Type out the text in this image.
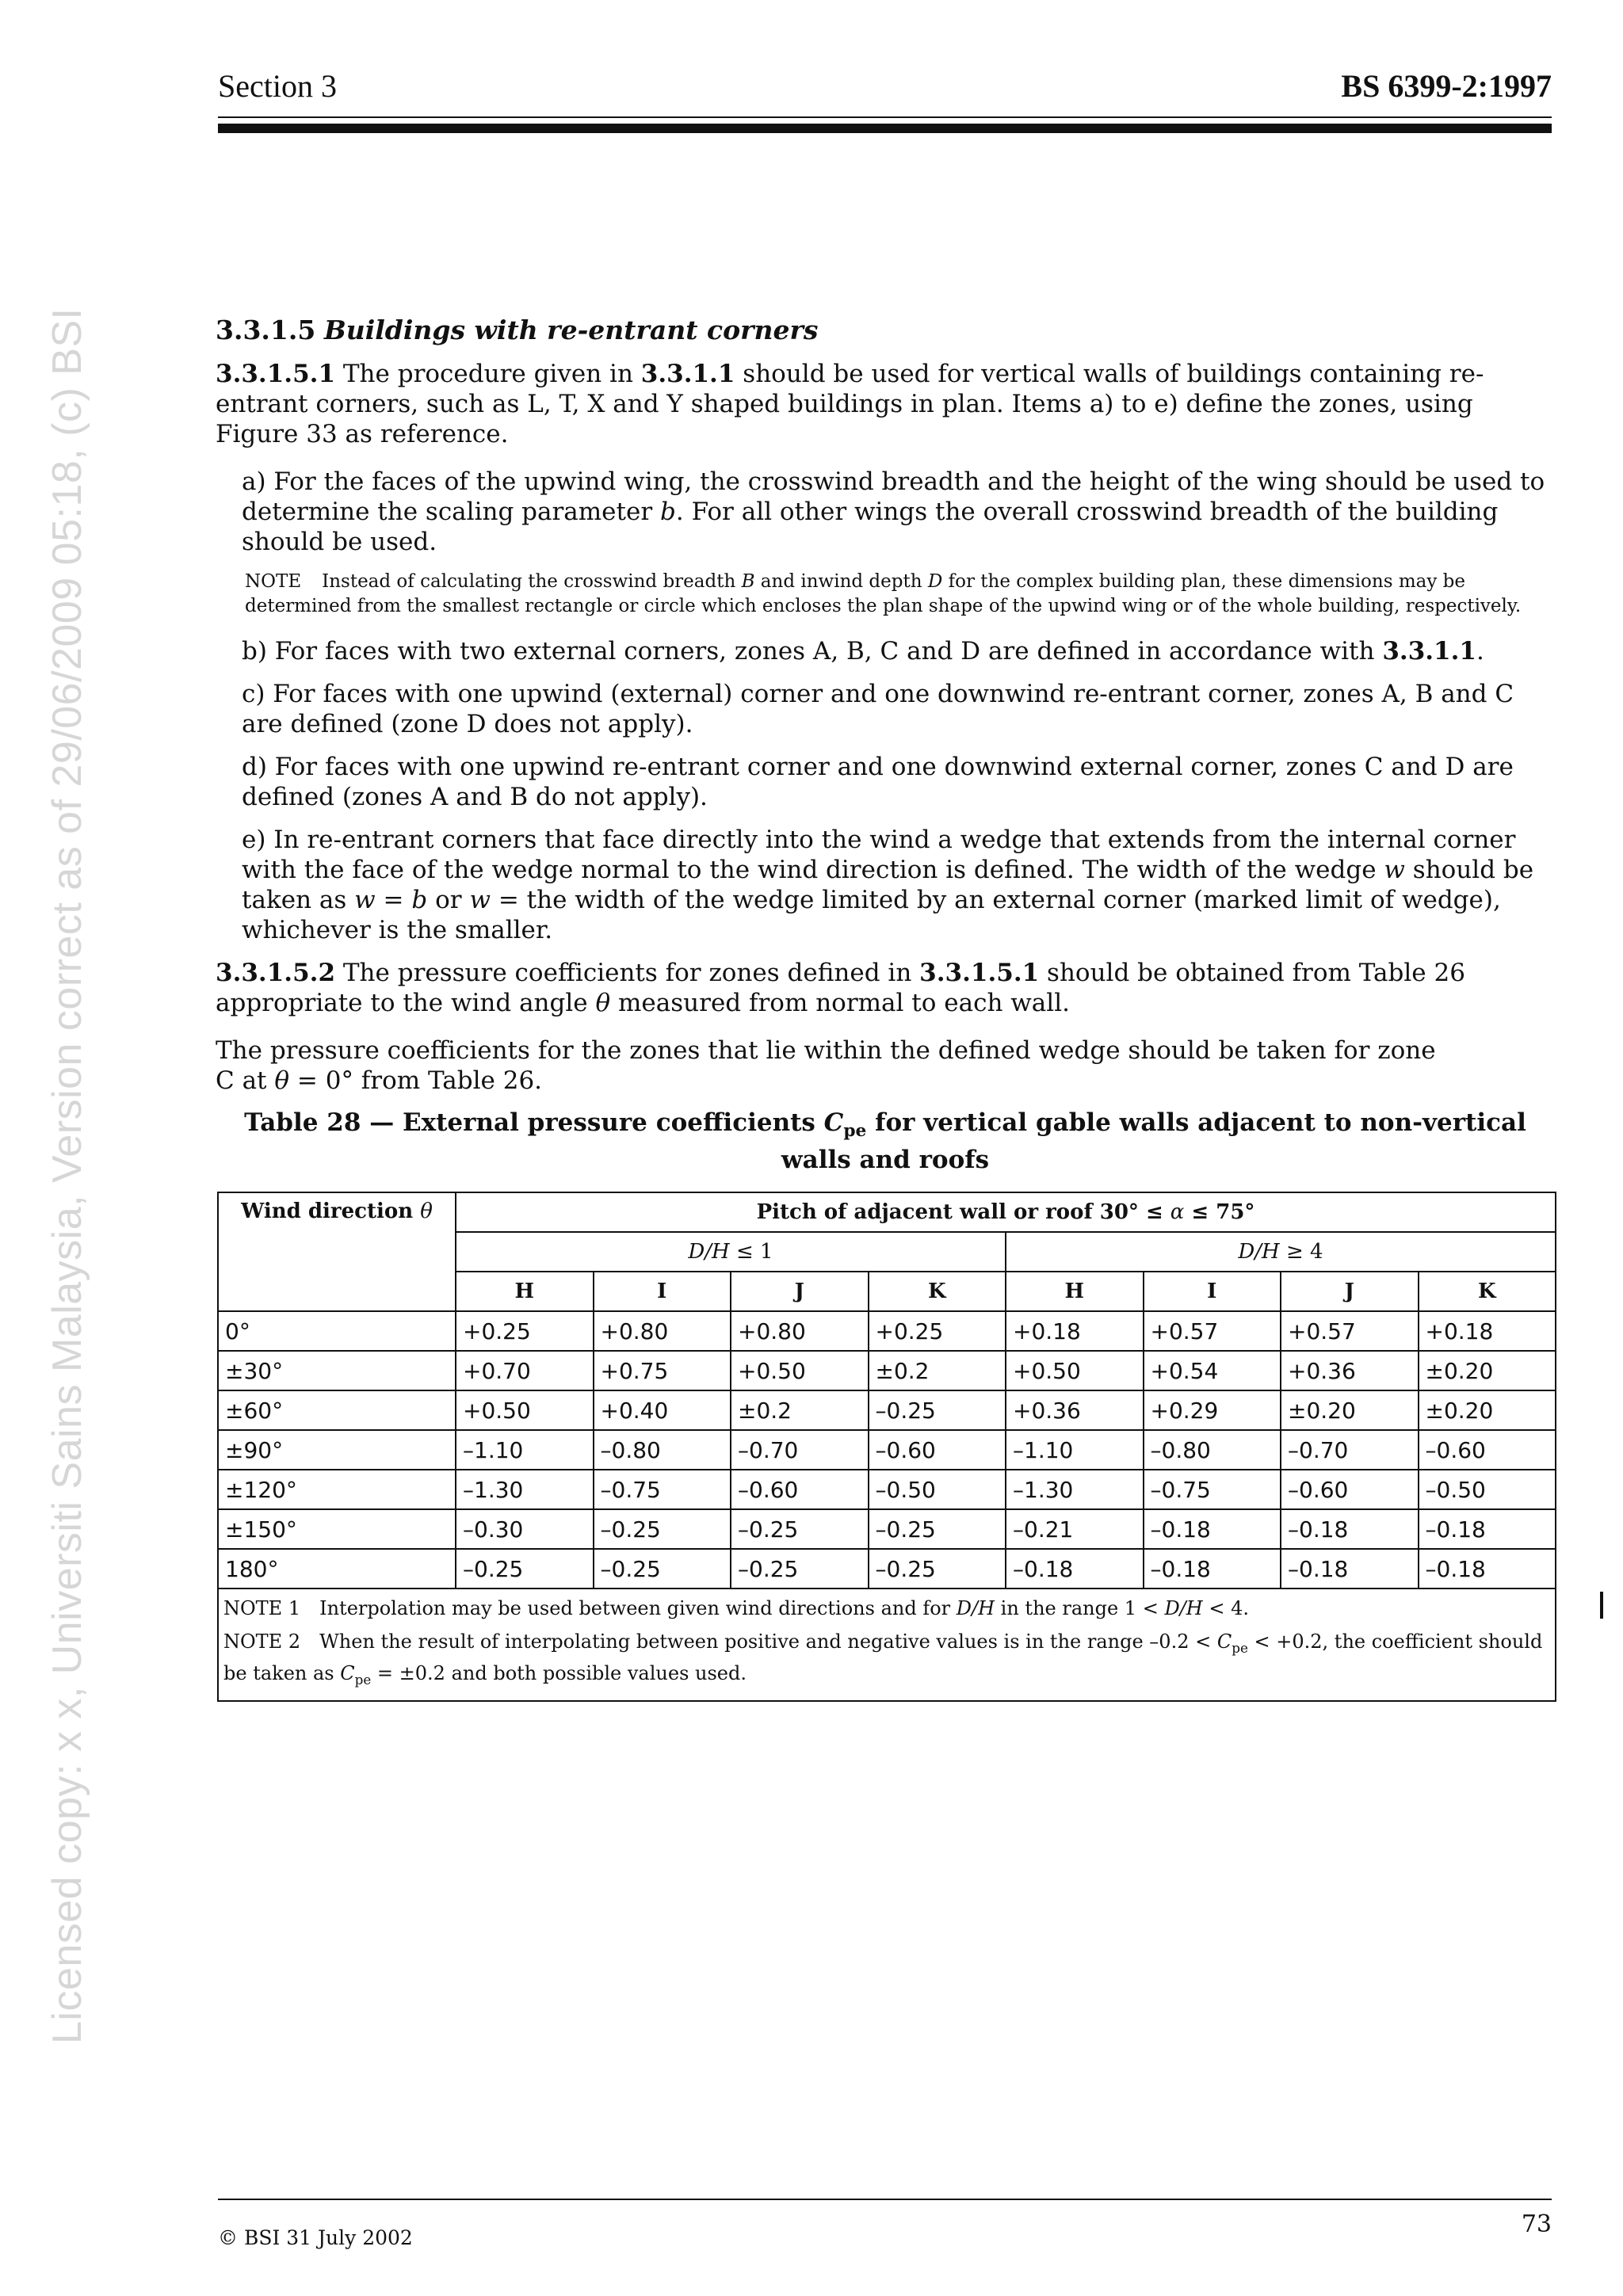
Licensed copy: x x, Universiti Sains Malaysia, Version correct as of 29/06/2009 05:18, (c) BSI
Section 3	BS 6399-2:1997

3.3.1.5 Buildings with re-entrant corners

3.3.1.5.1 The procedure given in 3.3.1.1 should be used for vertical walls of buildings containing re-entrant corners, such as L, T, X and Y shaped buildings in plan. Items a) to e) define the zones, using Figure 33 as reference.

a) For the faces of the upwind wing, the crosswind breadth and the height of the wing should be used to determine the scaling parameter b. For all other wings the overall crosswind breadth of the building should be used.

NOTE Instead of calculating the crosswind breadth B and inwind depth D for the complex building plan, these dimensions may be determined from the smallest rectangle or circle which encloses the plan shape of the upwind wing or of the whole building, respectively.

b) For faces with two external corners, zones A, B, C and D are defined in accordance with 3.3.1.1.

c) For faces with one upwind (external) corner and one downwind re-entrant corner, zones A, B and C are defined (zone D does not apply).

d) For faces with one upwind re-entrant corner and one downwind external corner, zones C and D are defined (zones A and B do not apply).

e) In re-entrant corners that face directly into the wind a wedge that extends from the internal corner with the face of the wedge normal to the wind direction is defined. The width of the wedge w should be taken as w = b or w = the width of the wedge limited by an external corner (marked limit of wedge), whichever is the smaller.

3.3.1.5.2 The pressure coefficients for zones defined in 3.3.1.5.1 should be obtained from Table 26 appropriate to the wind angle θ measured from normal to each wall.

The pressure coefficients for the zones that lie within the defined wedge should be taken for zone C at θ = 0° from Table 26.

Table 28 — External pressure coefficients $C_{pe}$ for vertical gable walls adjacent to non-vertical walls and roofs

Wind direction θ	Pitch of adjacent wall or roof 30° ≤ α ≤ 75°							
	D/H ≤ 1				D/H ≥ 4			
	H	I	J	K	H	I	J	K
0°	+0.25	+0.80	+0.80	+0.25	+0.18	+0.57	+0.57	+0.18
±30°	+0.70	+0.75	+0.50	±0.2	+0.50	+0.54	+0.36	±0.20
±60°	+0.50	+0.40	±0.2	–0.25	+0.36	+0.29	±0.20	±0.20
±90°	–1.10	–0.80	–0.70	–0.60	–1.10	–0.80	–0.70	–0.60
±120°	–1.30	–0.75	–0.60	–0.50	–1.30	–0.75	–0.60	–0.50
±150°	–0.30	–0.25	–0.25	–0.25	–0.21	–0.18	–0.18	–0.18
180°	–0.25	–0.25	–0.25	–0.25	–0.18	–0.18	–0.18	–0.18

NOTE 1 Interpolation may be used between given wind directions and for D/H in the range 1 < D/H < 4.

NOTE 2 When the result of interpolating between positive and negative values is in the range $-0.2 < C_{pe} < +0.2$, the coefficient should be taken as $C_{pe} = \pm 0.2$ and both possible values used.								

© BSI 31 July 2002	73
